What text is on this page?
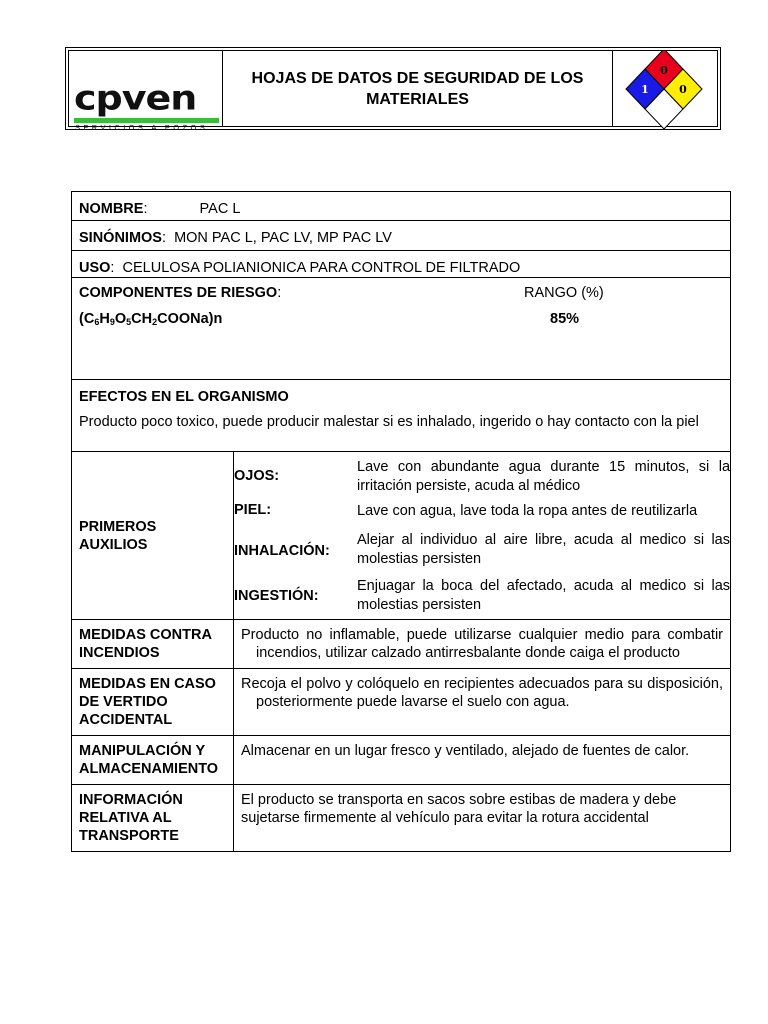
cpven
SERVICIOS A POZOS
HOJAS DE DATOS DE SEGURIDAD DE LOS
MATERIALES
0
1	0
NOMBRE:	PAC L

SINÓNIMOS:  MON PAC L, PAC LV, MP PAC LV

USO:  CELULOSA POLIANIONICA PARA CONTROL DE FILTRADO

COMPONENTES DE RIESGO:	RANGO (%)
$(C_6H_9O_5CH_2COONa)n$	85%

EFECTOS EN EL ORGANISMO
Producto poco toxico, puede producir malestar si es inhalado, ingerido o hay contacto con la piel

PRIMEROS
AUXILIOS

OJOS:	Lave con abundante agua durante 15 minutos, si la irritación persiste, acuda al médico
PIEL:	Lave con agua, lave toda la ropa antes de reutilizarla
INHALACIÓN:	Alejar al individuo al aire libre, acuda al medico si las molestias persisten
INGESTIÓN:	Enjuagar la boca del afectado, acuda al medico si las molestias persisten

MEDIDAS CONTRA INCENDIOS

Producto no inflamable, puede utilizarse cualquier medio para combatir incendios, utilizar calzado antirresbalante donde caiga el producto

MEDIDAS EN CASO DE VERTIDO ACCIDENTAL

Recoja el polvo y colóquelo en recipientes adecuados para su disposición, posteriormente puede lavarse el suelo con agua.

MANIPULACIÓN Y ALMACENAMIENTO

Almacenar en un lugar fresco y ventilado, alejado de fuentes de calor.

INFORMACIÓN RELATIVA AL TRANSPORTE

El producto se transporta en sacos sobre estibas de madera y debe sujetarse firmemente al vehículo para evitar la rotura accidental
